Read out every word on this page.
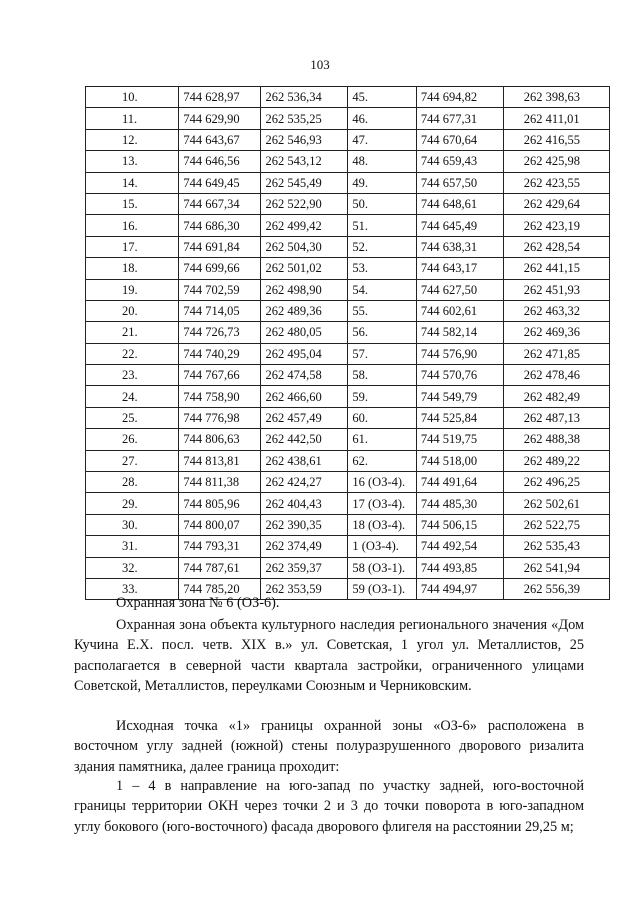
103
10.	744 628,97	262 536,34	45.	744 694,82	262 398,63
11.	744 629,90	262 535,25	46.	744 677,31	262 411,01
12.	744 643,67	262 546,93	47.	744 670,64	262 416,55
13.	744 646,56	262 543,12	48.	744 659,43	262 425,98
14.	744 649,45	262 545,49	49.	744 657,50	262 423,55
15.	744 667,34	262 522,90	50.	744 648,61	262 429,64
16.	744 686,30	262 499,42	51.	744 645,49	262 423,19
17.	744 691,84	262 504,30	52.	744 638,31	262 428,54
18.	744 699,66	262 501,02	53.	744 643,17	262 441,15
19.	744 702,59	262 498,90	54.	744 627,50	262 451,93
20.	744 714,05	262 489,36	55.	744 602,61	262 463,32
21.	744 726,73	262 480,05	56.	744 582,14	262 469,36
22.	744 740,29	262 495,04	57.	744 576,90	262 471,85
23.	744 767,66	262 474,58	58.	744 570,76	262 478,46
24.	744 758,90	262 466,60	59.	744 549,79	262 482,49
25.	744 776,98	262 457,49	60.	744 525,84	262 487,13
26.	744 806,63	262 442,50	61.	744 519,75	262 488,38
27.	744 813,81	262 438,61	62.	744 518,00	262 489,22
28.	744 811,38	262 424,27	16 (ОЗ-4).	744 491,64	262 496,25
29.	744 805,96	262 404,43	17 (ОЗ-4).	744 485,30	262 502,61
30.	744 800,07	262 390,35	18 (ОЗ-4).	744 506,15	262 522,75
31.	744 793,31	262 374,49	1 (ОЗ-4).	744 492,54	262 535,43
32.	744 787,61	262 359,37	58 (ОЗ-1).	744 493,85	262 541,94
33.	744 785,20	262 353,59	59 (ОЗ-1).	744 494,97	262 556,39
Охранная зона № 6 (ОЗ-6).
Охранная зона объекта культурного наследия регионального значения «Дом Кучина Е.Х. посл. четв. XIX в.» ул. Советская, 1 угол ул. Металлистов, 25 располагается в северной части квартала застройки, ограниченного улицами Советской, Металлистов, переулками Союзным и Черниковским.
Исходная точка «1» границы охранной зоны «ОЗ-6» расположена в восточном углу задней (южной) стены полуразрушенного дворового ризалита здания памятника, далее граница проходит:
1 – 4 в направление на юго-запад по участку задней, юго-восточной границы территории ОКН через точки 2 и 3 до точки поворота в юго-западном углу бокового (юго-восточного) фасада дворового флигеля на расстоянии 29,25 м;
